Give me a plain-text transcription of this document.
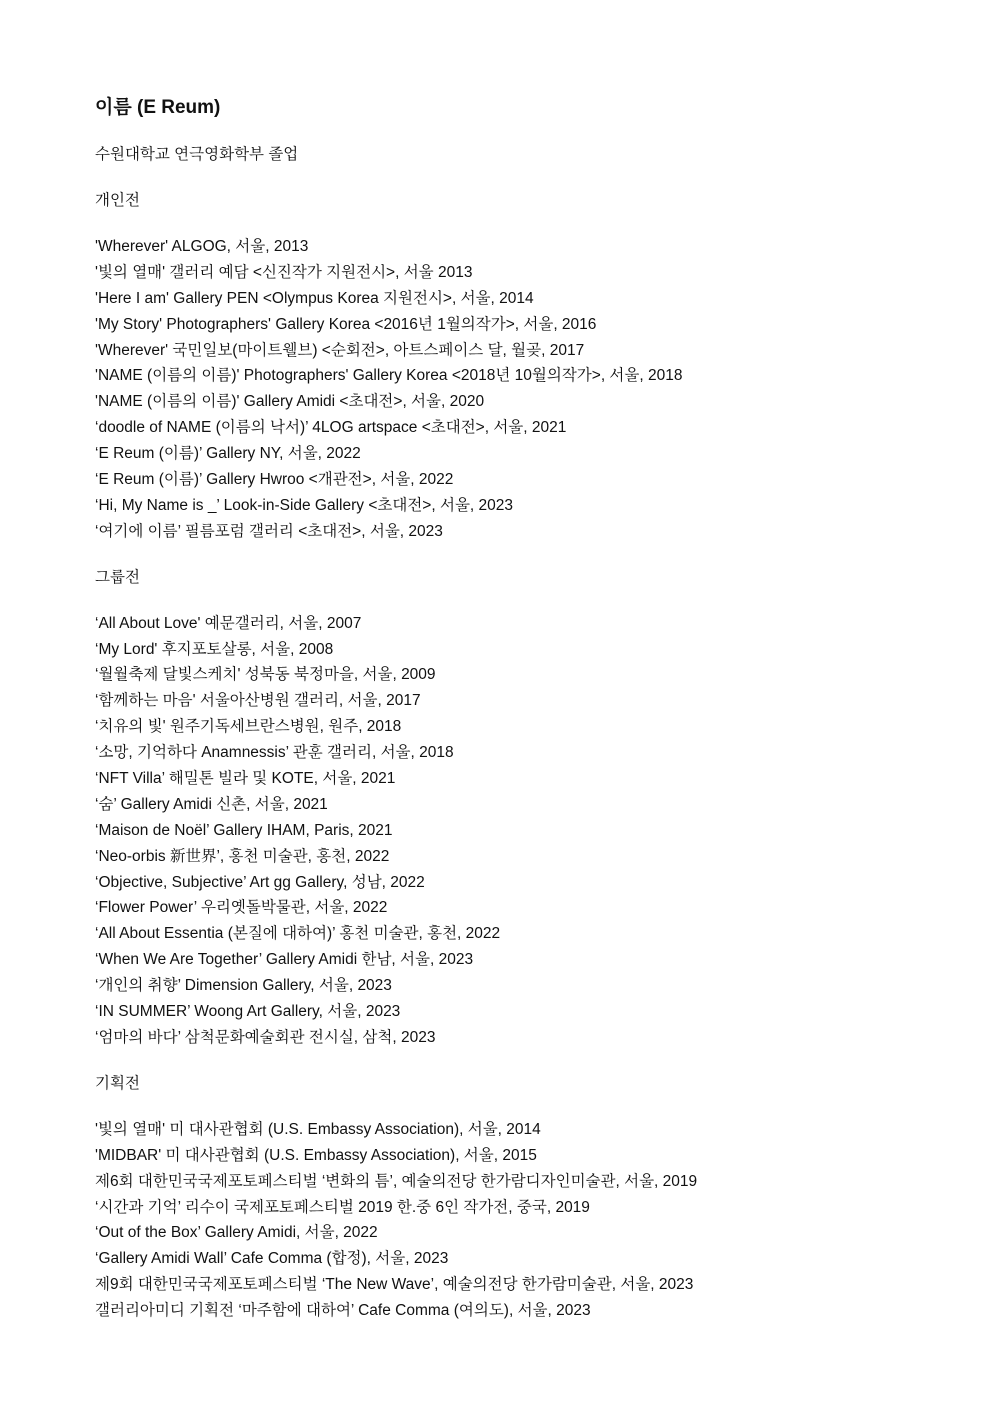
이름 (E Reum)
수원대학교 연극영화학부 졸업
개인전
'Wherever' ALGOG, 서울, 2013
'빛의 열매' 갤러리 예담 <신진작가 지원전시>, 서울 2013
'Here I am' Gallery PEN <Olympus Korea 지원전시>, 서울, 2014
'My Story' Photographers' Gallery Korea <2016년 1월의작가>, 서울, 2016
'Wherever' 국민일보(마이트웰브) <순회전>, 아트스페이스 달, 월곶, 2017
'NAME (이름의 이름)' Photographers' Gallery Korea <2018년 10월의작가>, 서울, 2018
'NAME (이름의 이름)' Gallery Amidi <초대전>, 서울, 2020
‘doodle of NAME (이름의 낙서)’ 4LOG artspace <초대전>, 서울, 2021
‘E Reum (이름)’ Gallery NY, 서울, 2022
‘E Reum (이름)’ Gallery Hwroo <개관전>, 서울, 2022
‘Hi, My Name is _’ Look-in-Side Gallery <초대전>, 서울, 2023
‘여기에 이름’ 필름포럼 갤러리 <초대전>, 서울, 2023
그룹전
‘All About Love' 예문갤러리, 서울, 2007
‘My Lord' 후지포토살롱, 서울, 2008
‘월월축제 달빛스케치' 성북동 북정마을, 서울, 2009
‘함께하는 마음' 서울아산병원 갤러리, 서울, 2017
‘치유의 빛' 원주기독세브란스병원, 원주, 2018
‘소망, 기억하다 Anamnessis’ 관훈 갤러리, 서울, 2018
‘NFT Villa’ 해밀톤 빌라 및 KOTE, 서울, 2021
‘숨’ Gallery Amidi 신촌, 서울, 2021
‘Maison de Noël’ Gallery IHAM, Paris, 2021
‘Neo-orbis 新世界’, 홍천 미술관, 홍천, 2022
‘Objective, Subjective’ Art gg Gallery, 성남, 2022
‘Flower Power’ 우리옛돌박물관, 서울, 2022
‘All About Essentia (본질에 대하여)’ 홍천 미술관, 홍천, 2022
‘When We Are Together’ Gallery Amidi 한남, 서울, 2023
‘개인의 취향’ Dimension Gallery, 서울, 2023
‘IN SUMMER’ Woong Art Gallery, 서울, 2023
‘엄마의 바다’ 삼척문화예술회관 전시실, 삼척, 2023
기획전
'빛의 열매' 미 대사관협회 (U.S. Embassy Association), 서울, 2014
'MIDBAR' 미 대사관협회 (U.S. Embassy Association), 서울, 2015
제6회 대한민국국제포토페스티벌 ‘변화의 틈’, 예술의전당 한가람디자인미술관, 서울, 2019
‘시간과 기억’ 리수이 국제포토페스티벌 2019 한.중 6인 작가전, 중국, 2019
‘Out of the Box’ Gallery Amidi, 서울, 2022
‘Gallery Amidi Wall’ Cafe Comma (합정), 서울, 2023
제9회 대한민국국제포토페스티벌 ‘The New Wave’, 예술의전당 한가람미술관, 서울, 2023
갤러리아미디 기획전 ‘마주함에 대하여’ Cafe Comma (여의도), 서울, 2023
